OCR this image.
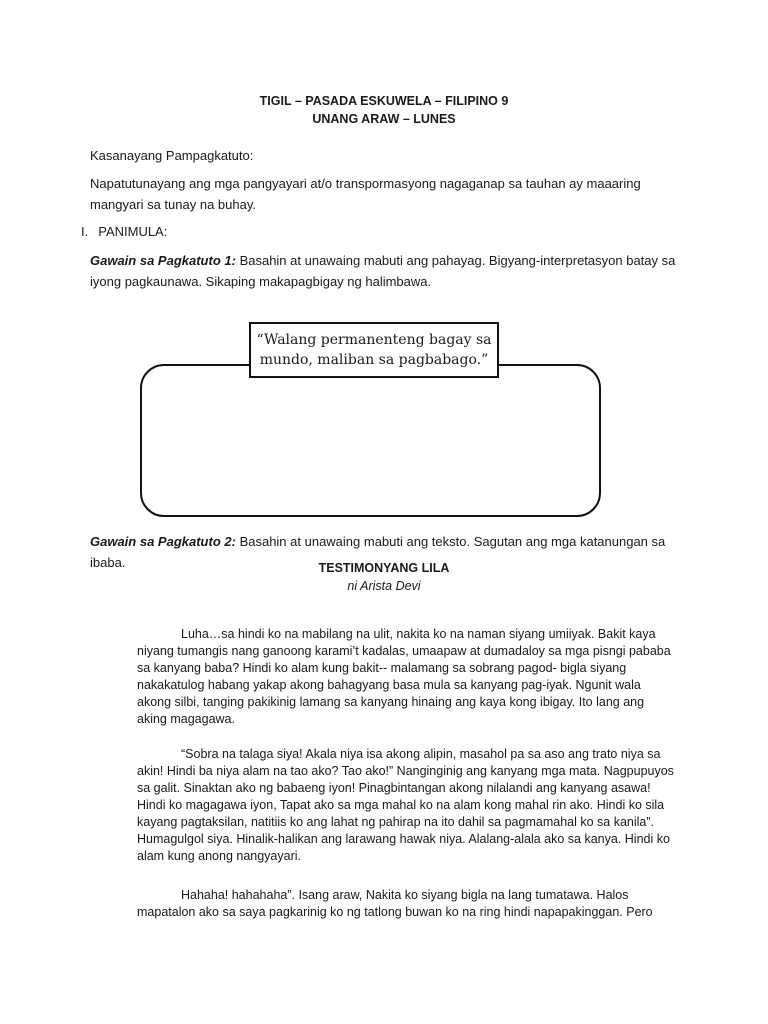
TIGIL – PASADA ESKUWELA – FILIPINO 9
UNANG ARAW – LUNES
Kasanayang Pampagkatuto:
Napatutunayang ang mga pangyayari at/o transpormasyong nagaganap sa tauhan ay maaaring mangyari sa tunay na buhay.
I. PANIMULA:
Gawain sa Pagkatuto 1: Basahin at unawaing mabuti ang pahayag. Bigyang-interpretasyon batay sa iyong pagkaunawa. Sikaping makapagbigay ng halimbawa.
“Walang permanenteng bagay sa
mundo, maliban sa pagbabago.”
Gawain sa Pagkatuto 2: Basahin at unawaing mabuti ang teksto. Sagutan ang mga katanungan sa ibaba.	TESTIMONYANG LILA
ni Arista Devi
Luha…sa hindi ko na mabilang na ulit, nakita ko na naman siyang umiiyak. Bakit kaya niyang tumangis nang ganoong karami’t kadalas, umaapaw at dumadaloy sa mga pisngi pababa sa kanyang baba? Hindi ko alam kung bakit-- malamang sa sobrang pagod- bigla siyang nakakatulog habang yakap akong bahagyang basa mula sa kanyang pag-iyak. Ngunit wala akong silbi, tanging pakikinig lamang sa kanyang hinaing ang kaya kong ibigay. Ito lang ang aking magagawa.
“Sobra na talaga siya! Akala niya isa akong alipin, masahol pa sa aso ang trato niya sa akin! Hindi ba niya alam na tao ako? Tao ako!” Nanginginig ang kanyang mga mata. Nagpupuyos sa galit. Sinaktan ako ng babaeng iyon! Pinagbintangan akong nilalandi ang kanyang asawa! Hindi ko magagawa iyon, Tapat ako sa mga mahal ko na alam kong mahal rin ako. Hindi ko sila kayang pagtaksilan, natitiis ko ang lahat ng pahirap na ito dahil sa pagmamahal ko sa kanila”. Humagulgol siya. Hinalik-halikan ang larawang hawak niya. Alalang-alala ako sa kanya. Hindi ko alam kung anong nangyayari.
Hahaha! hahahaha”. Isang araw, Nakita ko siyang bigla na lang tumatawa. Halos mapatalon ako sa saya pagkarinig ko ng tatlong buwan ko na ring hindi napapakinggan. Pero
